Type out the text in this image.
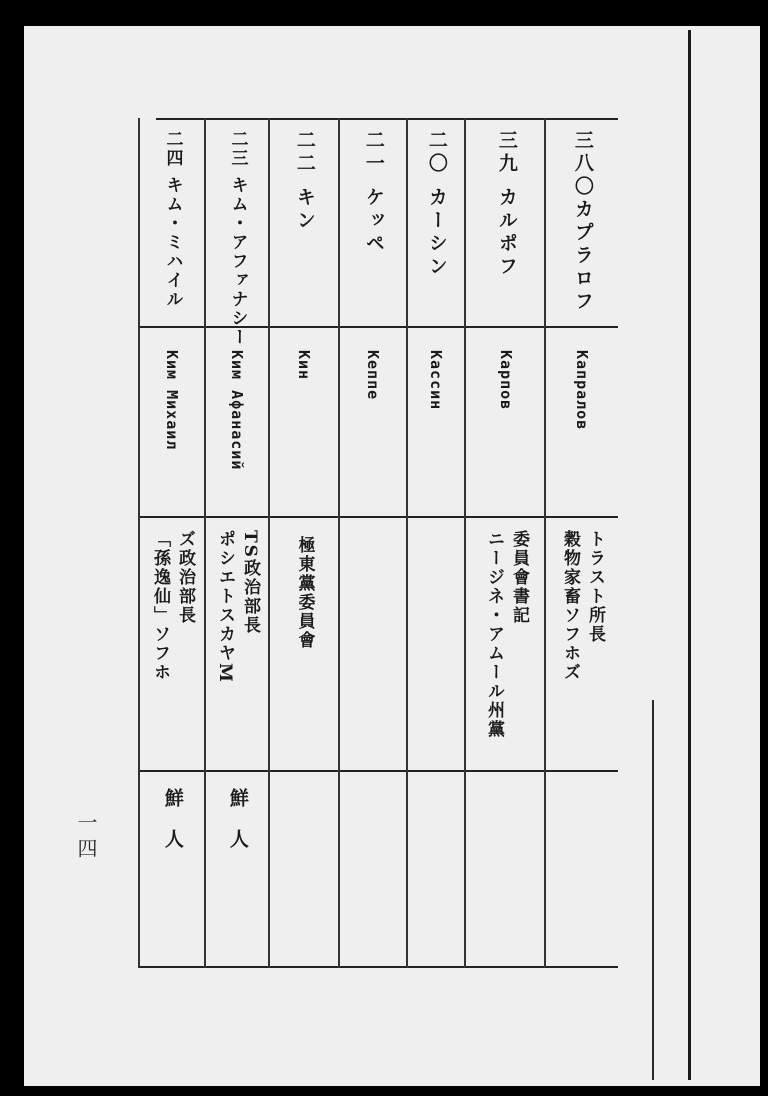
三八〇カプラロフ
Капралов
穀物家畜ソフホズ トラスト所長
三九 カルポフ
Карпов
ニージネ・アムール州黨 委員會書記
二〇 カーシン
Кассин
二一 ケッペ
Кеппе
二二 キン
Кин
極東黨委員會
二三 キム・アファナシー
Ким Афанасий
ポシエトスカヤM TS政治部長
鮮人
二四 キム・ミハイル
Ким Михаил
「孫逸仙」ソフホ ズ政治部長
鮮人
一四
